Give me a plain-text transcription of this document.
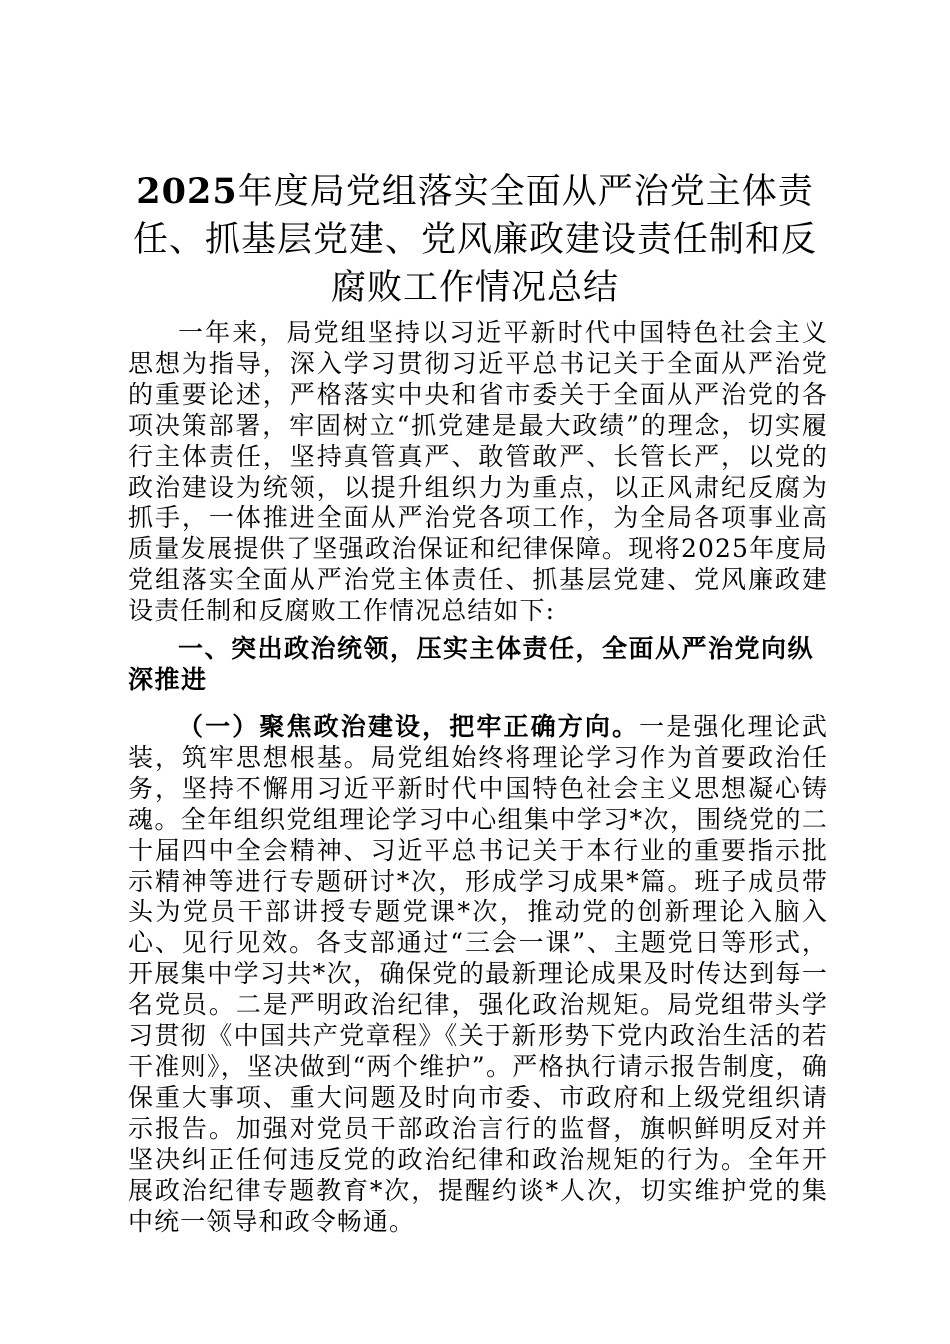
2025年度局党组落实全面从严治党主体责任、抓基层党建、党风廉政建设责任制和反腐败工作情况总结

一年来，局党组坚持以习近平新时代中国特色社会主义思想为指导，深入学习贯彻习近平总书记关于全面从严治党的重要论述，严格落实中央和省市委关于全面从严治党的各项决策部署，牢固树立“抓党建是最大政绩”的理念，切实履行主体责任，坚持真管真严、敢管敢严、长管长严，以党的政治建设为统领，以提升组织力为重点，以正风肃纪反腐为抓手，一体推进全面从严治党各项工作，为全局各项事业高质量发展提供了坚强政治保证和纪律保障。现将2025年度局党组落实全面从严治党主体责任、抓基层党建、党风廉政建设责任制和反腐败工作情况总结如下:

一、突出政治统领，压实主体责任，全面从严治党向纵深推进

（一）聚焦政治建设，把牢正确方向。一是强化理论武装，筑牢思想根基。局党组始终将理论学习作为首要政治任务，坚持不懈用习近平新时代中国特色社会主义思想凝心铸魂。全年组织党组理论学习中心组集中学习*次，围绕党的二十届四中全会精神、习近平总书记关于本行业的重要指示批示精神等进行专题研讨*次，形成学习成果*篇。班子成员带头为党员干部讲授专题党课*次，推动党的创新理论入脑入心、见行见效。各支部通过“三会一课”、主题党日等形式，开展集中学习共*次，确保党的最新理论成果及时传达到每一名党员。二是严明政治纪律，强化政治规矩。局党组带头学习贯彻《中国共产党章程》《关于新形势下党内政治生活的若干准则》，坚决做到“两个维护”。严格执行请示报告制度，确保重大事项、重大问题及时向市委、市政府和上级党组织请示报告。加强对党员干部政治言行的监督，旗帜鲜明反对并坚决纠正任何违反党的政治纪律和政治规矩的行为。全年开展政治纪律专题教育*次，提醒约谈*人次，切实维护党的集中统一领导和政令畅通。
